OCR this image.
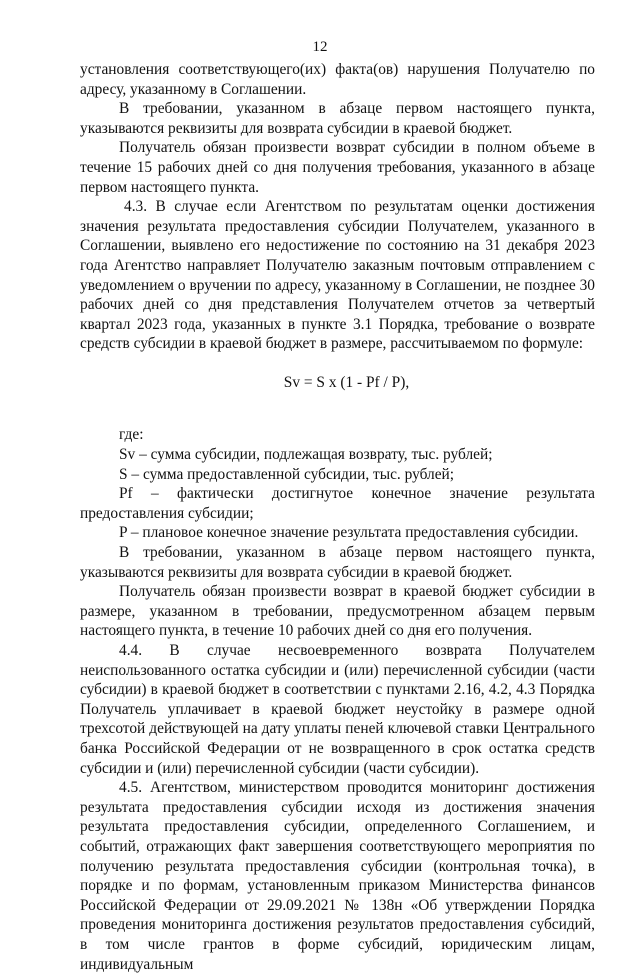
12

установления соответствующего(их) факта(ов) нарушения Получателю по адресу, указанному в Соглашении.

В требовании, указанном в абзаце первом настоящего пункта, указываются реквизиты для возврата субсидии в краевой бюджет.

Получатель обязан произвести возврат субсидии в полном объеме в течение 15 рабочих дней со дня получения требования, указанного в абзаце первом настоящего пункта.

4.3. В случае если Агентством по результатам оценки достижения значения результата предоставления субсидии Получателем, указанного в Соглашении, выявлено его недостижение по состоянию на 31 декабря 2023 года Агентство направляет Получателю заказным почтовым отправлением с уведомлением о вручении по адресу, указанному в Соглашении, не позднее 30 рабочих дней со дня представления Получателем отчетов за четвертый квартал 2023 года, указанных в пункте 3.1 Порядка, требование о возврате средств субсидии в краевой бюджет в размере, рассчитываемом по формуле:

Sv = S x (1 - Pf / P),

где:

Sv – сумма субсидии, подлежащая возврату, тыс. рублей;

S – сумма предоставленной субсидии, тыс. рублей;

Pf – фактически достигнутое конечное значение результата предоставления субсидии;

P – плановое конечное значение результата предоставления субсидии.

В требовании, указанном в абзаце первом настоящего пункта, указываются реквизиты для возврата субсидии в краевой бюджет.

Получатель обязан произвести возврат в краевой бюджет субсидии в размере, указанном в требовании, предусмотренном абзацем первым настоящего пункта, в течение 10 рабочих дней со дня его получения.

4.4. В случае несвоевременного возврата Получателем неиспользованного остатка субсидии и (или) перечисленной субсидии (части субсидии) в краевой бюджет в соответствии с пунктами 2.16, 4.2, 4.3 Порядка Получатель уплачивает в краевой бюджет неустойку в размере одной трехсотой действующей на дату уплаты пеней ключевой ставки Центрального банка Российской Федерации от не возвращенного в срок остатка средств субсидии и (или) перечисленной субсидии (части субсидии).

4.5. Агентством, министерством проводится мониторинг достижения результата предоставления субсидии исходя из достижения значения результата предоставления субсидии, определенного Соглашением, и событий, отражающих факт завершения соответствующего мероприятия по получению результата предоставления субсидии (контрольная точка), в порядке и по формам, установленным приказом Министерства финансов Российской Федерации от 29.09.2021 № 138н «Об утверждении Порядка проведения мониторинга достижения результатов предоставления субсидий, в том числе грантов в форме субсидий, юридическим лицам, индивидуальным
